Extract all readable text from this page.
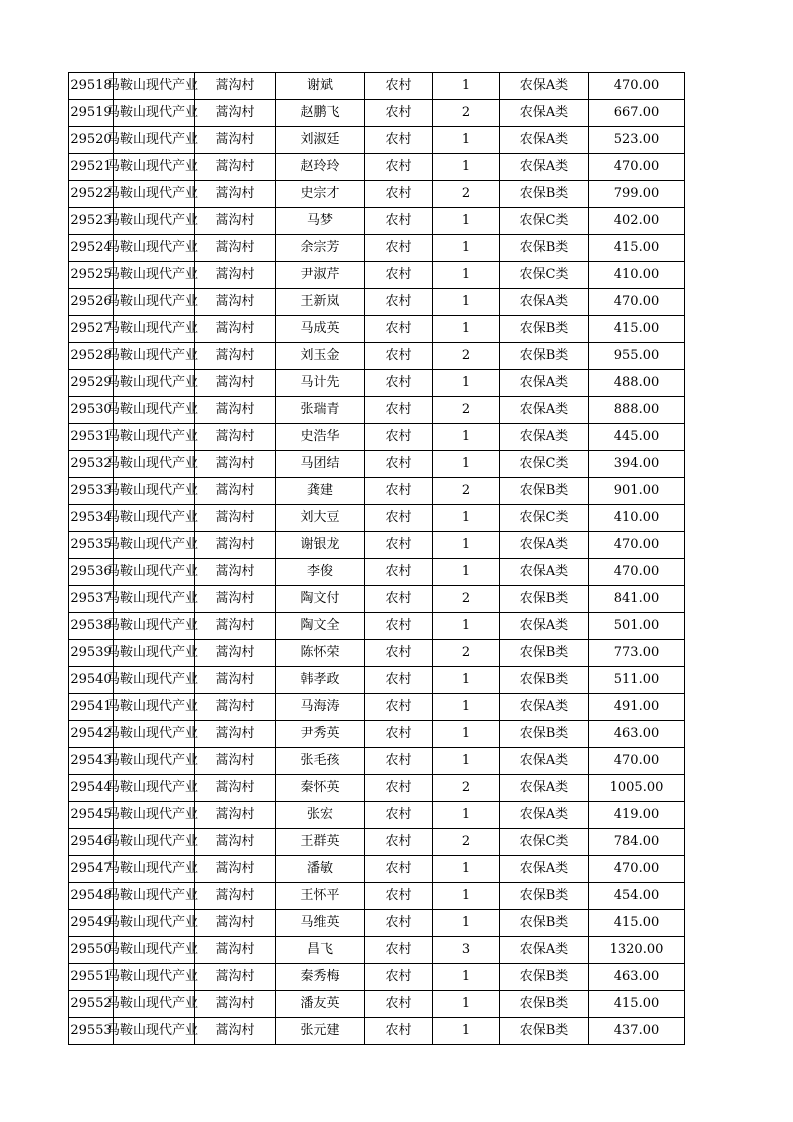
29518	马鞍山现代产业	蒿沟村	谢斌	农村	1	农保A类	470.00
29519	马鞍山现代产业	蒿沟村	赵鹏飞	农村	2	农保A类	667.00
29520	马鞍山现代产业	蒿沟村	刘淑廷	农村	1	农保A类	523.00
29521	马鞍山现代产业	蒿沟村	赵玲玲	农村	1	农保A类	470.00
29522	马鞍山现代产业	蒿沟村	史宗才	农村	2	农保B类	799.00
29523	马鞍山现代产业	蒿沟村	马梦	农村	1	农保C类	402.00
29524	马鞍山现代产业	蒿沟村	余宗芳	农村	1	农保B类	415.00
29525	马鞍山现代产业	蒿沟村	尹淑芹	农村	1	农保C类	410.00
29526	马鞍山现代产业	蒿沟村	王新岚	农村	1	农保A类	470.00
29527	马鞍山现代产业	蒿沟村	马成英	农村	1	农保B类	415.00
29528	马鞍山现代产业	蒿沟村	刘玉金	农村	2	农保B类	955.00
29529	马鞍山现代产业	蒿沟村	马计先	农村	1	农保A类	488.00
29530	马鞍山现代产业	蒿沟村	张瑞青	农村	2	农保A类	888.00
29531	马鞍山现代产业	蒿沟村	史浩华	农村	1	农保A类	445.00
29532	马鞍山现代产业	蒿沟村	马团结	农村	1	农保C类	394.00
29533	马鞍山现代产业	蒿沟村	龚建	农村	2	农保B类	901.00
29534	马鞍山现代产业	蒿沟村	刘大豆	农村	1	农保C类	410.00
29535	马鞍山现代产业	蒿沟村	谢银龙	农村	1	农保A类	470.00
29536	马鞍山现代产业	蒿沟村	李俊	农村	1	农保A类	470.00
29537	马鞍山现代产业	蒿沟村	陶文付	农村	2	农保B类	841.00
29538	马鞍山现代产业	蒿沟村	陶文全	农村	1	农保A类	501.00
29539	马鞍山现代产业	蒿沟村	陈怀荣	农村	2	农保B类	773.00
29540	马鞍山现代产业	蒿沟村	韩孝政	农村	1	农保B类	511.00
29541	马鞍山现代产业	蒿沟村	马海涛	农村	1	农保A类	491.00
29542	马鞍山现代产业	蒿沟村	尹秀英	农村	1	农保B类	463.00
29543	马鞍山现代产业	蒿沟村	张毛孩	农村	1	农保A类	470.00
29544	马鞍山现代产业	蒿沟村	秦怀英	农村	2	农保A类	1005.00
29545	马鞍山现代产业	蒿沟村	张宏	农村	1	农保A类	419.00
29546	马鞍山现代产业	蒿沟村	王群英	农村	2	农保C类	784.00
29547	马鞍山现代产业	蒿沟村	潘敏	农村	1	农保A类	470.00
29548	马鞍山现代产业	蒿沟村	王怀平	农村	1	农保B类	454.00
29549	马鞍山现代产业	蒿沟村	马维英	农村	1	农保B类	415.00
29550	马鞍山现代产业	蒿沟村	昌飞	农村	3	农保A类	1320.00
29551	马鞍山现代产业	蒿沟村	秦秀梅	农村	1	农保B类	463.00
29552	马鞍山现代产业	蒿沟村	潘友英	农村	1	农保B类	415.00
29553	马鞍山现代产业	蒿沟村	张元建	农村	1	农保B类	437.00
